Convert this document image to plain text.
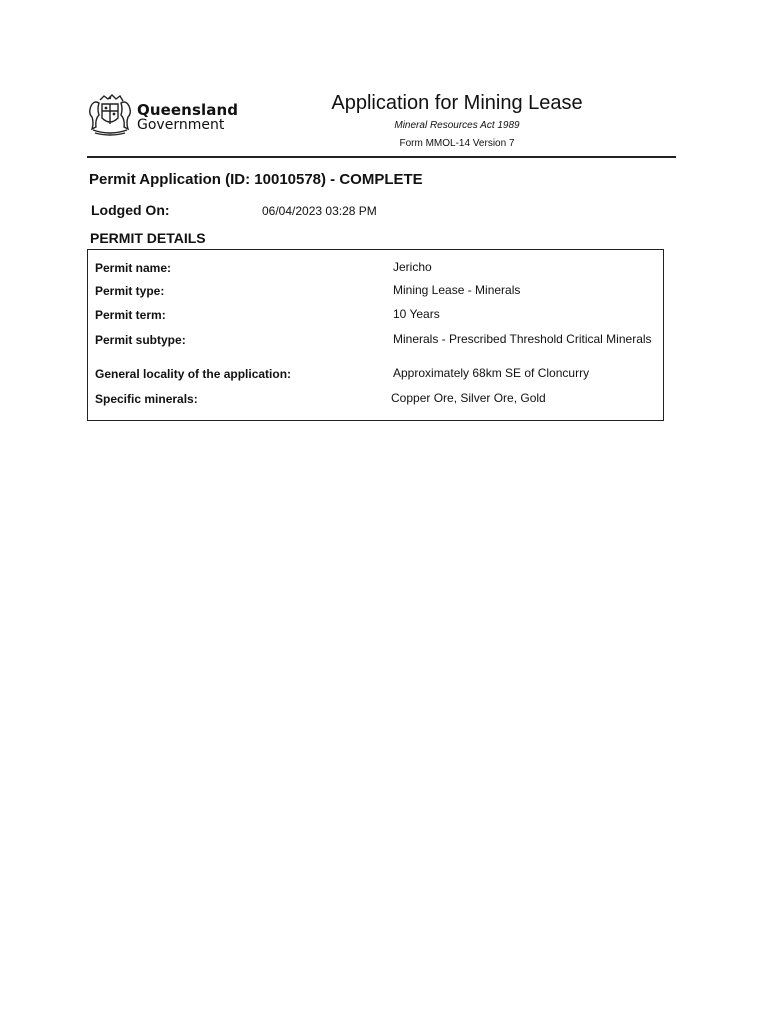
Queensland
Government
Application for Mining Lease
Mineral Resources Act 1989
Form MMOL-14 Version 7
Permit Application (ID: 10010578) - COMPLETE
Lodged On:	06/04/2023 03:28 PM
PERMIT DETAILS
Permit name:	Jericho
Permit type:	Mining Lease - Minerals
Permit term:	10 Years
Permit subtype:	Minerals - Prescribed Threshold Critical Minerals
General locality of the application:	Approximately 68km SE of Cloncurry
Specific minerals:	Copper Ore, Silver Ore, Gold
